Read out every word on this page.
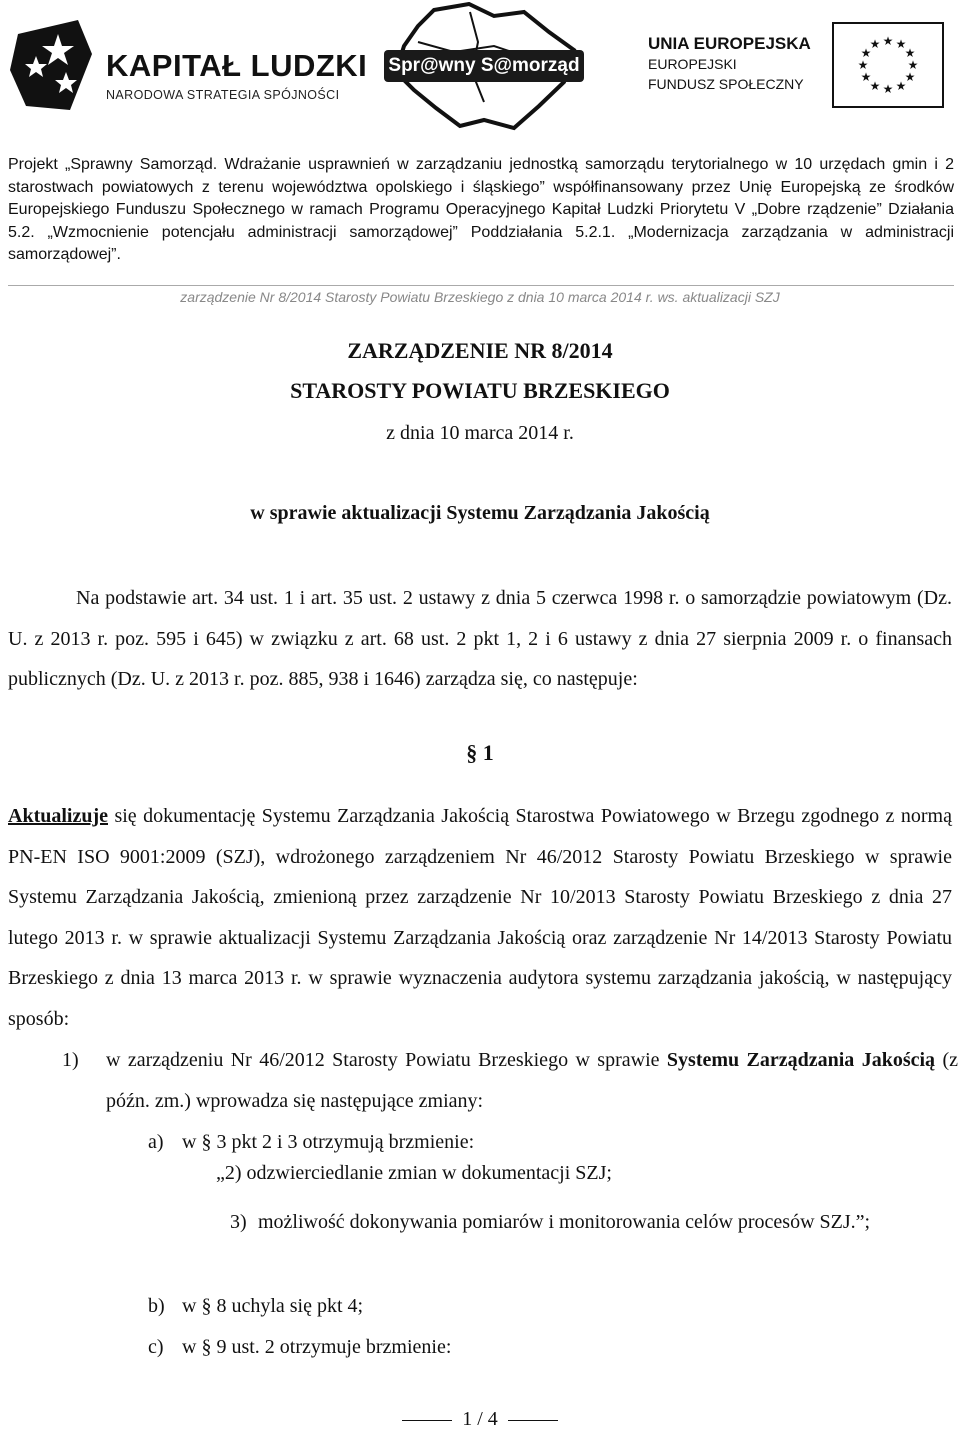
KAPITAŁ LUDZKI
NARODOWA STRATEGIA SPÓJNOŚCI
Spr@wny S@morząd
UNIA EUROPEJSKA
EUROPEJSKI
FUNDUSZ SPOŁECZNY
★ ★
★
★
★
★
★
★
★
★
★
★
Projekt „Sprawny Samorząd. Wdrażanie usprawnień w zarządzaniu jednostką samorządu terytorialnego w 10 urzędach gmin i 2 starostwach powiatowych z terenu województwa opolskiego i śląskiego” współfinansowany przez Unię Europejską ze środków Europejskiego Funduszu Społecznego w ramach Programu Operacyjnego Kapitał Ludzki Priorytetu V „Dobre rządzenie” Działania 5.2. „Wzmocnienie potencjału administracji samorządowej” Poddziałania 5.2.1. „Modernizacja zarządzania w administracji samorządowej”.
zarządzenie Nr 8/2014 Starosty Powiatu Brzeskiego z dnia 10 marca 2014 r. ws. aktualizacji SZJ
ZARZĄDZENIE NR 8/2014
STAROSTY POWIATU BRZESKIEGO
z dnia 10 marca 2014 r.
w sprawie aktualizacji Systemu Zarządzania Jakością
Na podstawie art. 34 ust. 1 i art. 35 ust. 2 ustawy z dnia 5 czerwca 1998 r. o samorządzie powiatowym (Dz. U. z 2013 r. poz. 595 i 645) w związku z art. 68 ust. 2 pkt 1, 2 i 6 ustawy z dnia 27 sierpnia 2009 r. o finansach publicznych (Dz. U. z 2013 r. poz. 885, 938 i 1646) zarządza się, co następuje:
§ 1
Aktualizuje się dokumentację Systemu Zarządzania Jakością Starostwa Powiatowego w Brzegu zgodnego z normą PN-EN ISO 9001:2009 (SZJ), wdrożonego zarządzeniem Nr 46/2012 Starosty Powiatu Brzeskiego w sprawie Systemu Zarządzania Jakością, zmienioną przez zarządzenie Nr 10/2013 Starosty Powiatu Brzeskiego z dnia 27 lutego 2013 r. w sprawie aktualizacji Systemu Zarządzania Jakością oraz zarządzenie Nr 14/2013 Starosty Powiatu Brzeskiego z dnia 13 marca 2013 r. w sprawie wyznaczenia audytora systemu zarządzania jakością, w następujący sposób:
1) w zarządzeniu Nr 46/2012 Starosty Powiatu Brzeskiego w sprawie Systemu Zarządzania Jakością (z późn. zm.) wprowadza się następujące zmiany:
a) w § 3 pkt 2 i 3 otrzymują brzmienie:
„2) odzwierciedlanie zmian w dokumentacji SZJ;
3) możliwość dokonywania pomiarów i monitorowania celów procesów SZJ.”;
b) w § 8 uchyla się pkt 4;
c) w § 9 ust. 2 otrzymuje brzmienie:
1 / 4
